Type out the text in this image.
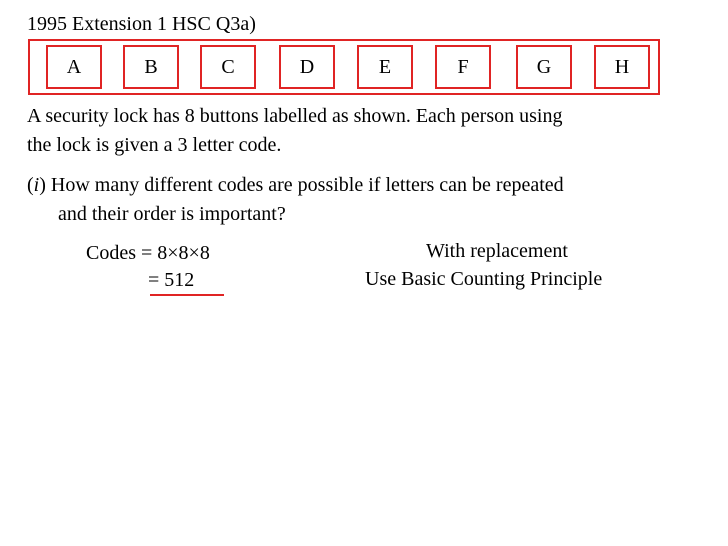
1995 Extension 1 HSC Q3a)
A	B	C	D	E	F	G	H
A security lock has 8 buttons labelled as shown. Each person using
the lock is given a 3 letter code.
(i) How many different codes are possible if letters can be repeated
and their order is important?
Codes = 8×8×8
= 512
With replacement
Use Basic Counting Principle
